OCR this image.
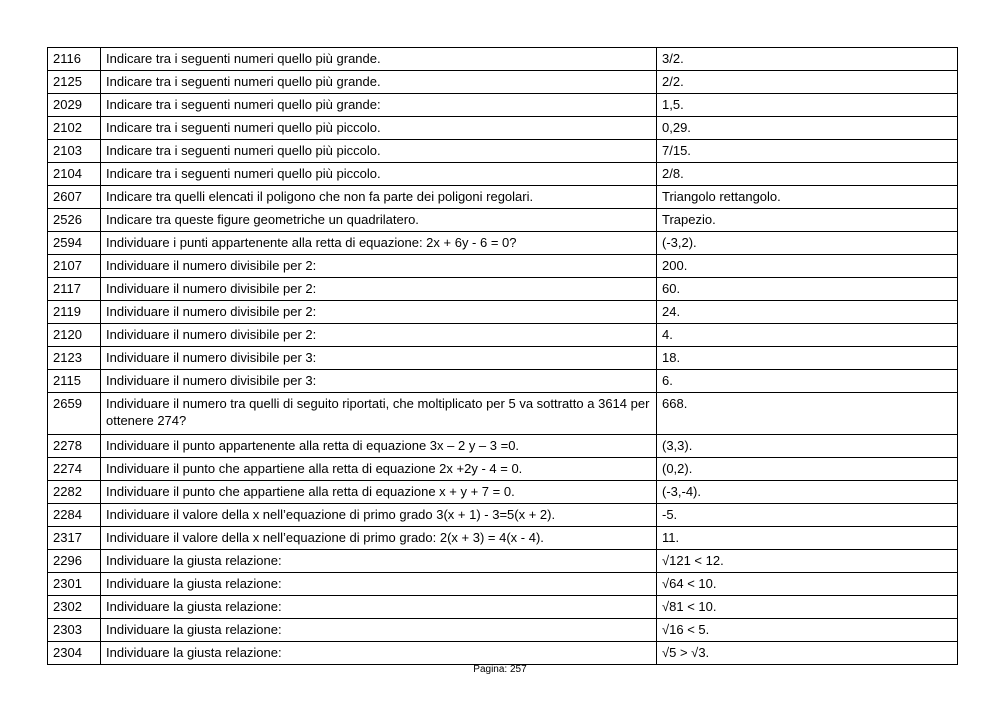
2116	Indicare tra i seguenti numeri quello più grande.	3/2.
2125	Indicare tra i seguenti numeri quello più grande.	2/2.
2029	Indicare tra i seguenti numeri quello più grande:	1,5.
2102	Indicare tra i seguenti numeri quello più piccolo.	0,29.
2103	Indicare tra i seguenti numeri quello più piccolo.	7/15.
2104	Indicare tra i seguenti numeri quello più piccolo.	2/8.
2607	Indicare tra quelli elencati il poligono che non fa parte dei poligoni regolari.	Triangolo rettangolo.
2526	Indicare tra queste figure geometriche un quadrilatero.	Trapezio.
2594	Individuare i punti appartenente alla retta di equazione: 2x + 6y - 6 = 0?	(-3,2).
2107	Individuare il numero divisibile per 2:	200.
2117	Individuare il numero divisibile per 2:	60.
2119	Individuare il numero divisibile per 2:	24.
2120	Individuare il numero divisibile per 2:	4.
2123	Individuare il numero divisibile per 3:	18.
2115	Individuare il numero divisibile per 3:	6.
2659	Individuare il numero tra quelli di seguito riportati, che moltiplicato per 5 va sottratto a 3614 per ottenere 274?	668.
2278	Individuare il punto appartenente alla retta di equazione 3x – 2 y – 3 =0.	(3,3).
2274	Individuare il punto che appartiene alla retta di equazione 2x +2y - 4 = 0.	(0,2).
2282	Individuare il punto che appartiene alla retta di equazione x + y + 7 = 0.	(-3,-4).
2284	Individuare il valore della x nell’equazione di primo grado 3(x + 1) - 3=5(x + 2).	-5.
2317	Individuare il valore della x nell’equazione di primo grado: 2(x + 3) = 4(x - 4).	11.
2296	Individuare la giusta relazione:	√121 < 12.
2301	Individuare la giusta relazione:	√64 < 10.
2302	Individuare la giusta relazione:	√81 < 10.
2303	Individuare la giusta relazione:	√16 < 5.
2304	Individuare la giusta relazione:	√5 > √3.
Pagina: 257
